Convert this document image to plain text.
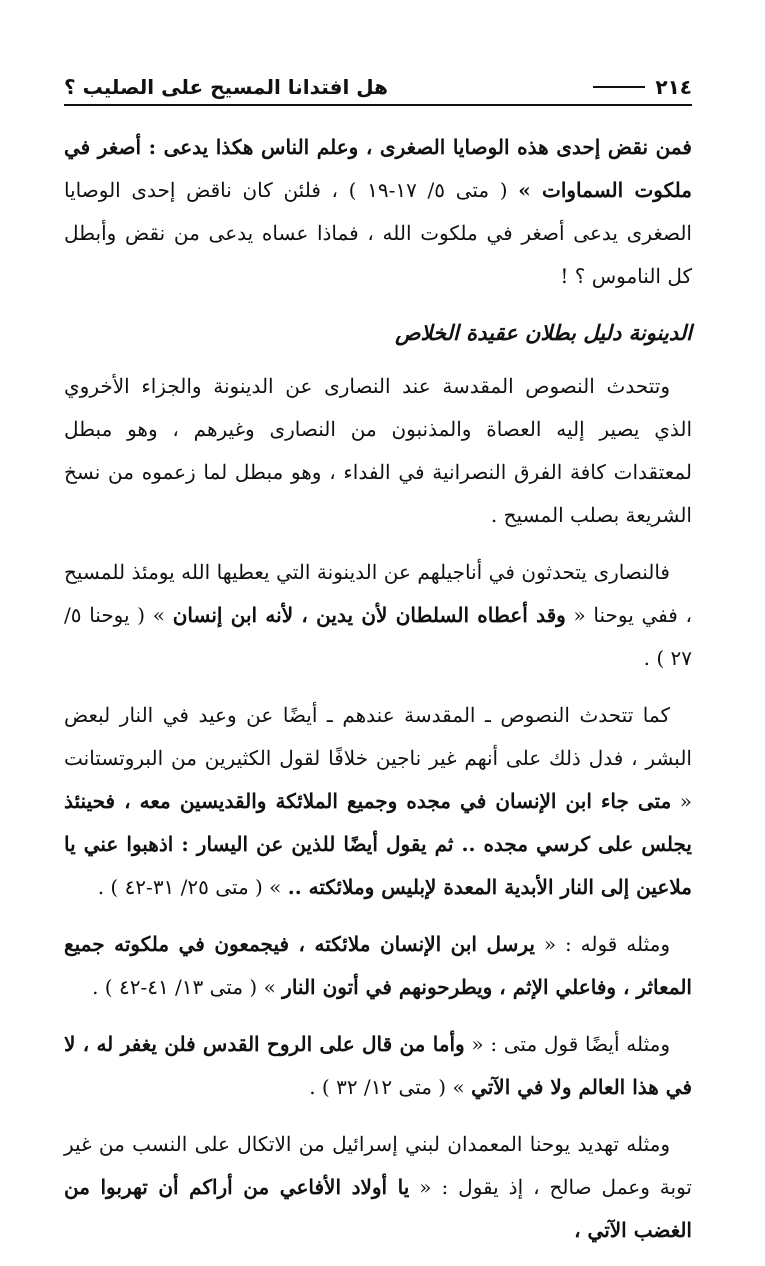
٢١٤
هل افتدانا المسيح على الصليب ؟

فمن نقض إحدى هذه الوصايا الصغرى ، وعلم الناس هكذا يدعى : أصغر في ملكوت السماوات » ( متى ٥/ ١٧-١٩ ) ، فلئن كان ناقض إحدى الوصايا الصغرى يدعى أصغر في ملكوت الله ، فماذا عساه يدعى من نقض وأبطل كل الناموس ؟ !

الدينونة دليل بطلان عقيدة الخلاص

وتتحدث النصوص المقدسة عند النصارى عن الدينونة والجزاء الأخروي الذي يصير إليه العصاة والمذنبون من النصارى وغيرهم ، وهو مبطل لمعتقدات كافة الفرق النصرانية في الفداء ، وهو مبطل لما زعموه من نسخ الشريعة بصلب المسيح .

فالنصارى يتحدثون في أناجيلهم عن الدينونة التي يعطيها الله يومئذ للمسيح ، ففي يوحنا « وقد أعطاه السلطان لأن يدين ، لأنه ابن إنسان » ( يوحنا ٥/ ٢٧ ) .

كما تتحدث النصوص ـ المقدسة عندهم ـ أيضًا عن وعيد في النار لبعض البشر ، فدل ذلك على أنهم غير ناجين خلافًا لقول الكثيرين من البروتستانت « متى جاء ابن الإنسان في مجده وجميع الملائكة والقديسين معه ، فحينئذ يجلس على كرسي مجده .. ثم يقول أيضًا للذين عن اليسار : اذهبوا عني يا ملاعين إلى النار الأبدية المعدة لإبليس وملائكته .. » ( متى ٢٥/ ٣١-٤٢ ) .

ومثله قوله : « يرسل ابن الإنسان ملائكته ، فيجمعون في ملكوته جميع المعاثر ، وفاعلي الإثم ، ويطرحونهم في أتون النار » ( متى ١٣/ ٤١-٤٢ ) .

ومثله أيضًا قول متى : « وأما من قال على الروح القدس فلن يغفر له ، لا في هذا العالم ولا في الآتي » ( متى ١٢/ ٣٢ ) .

ومثله تهديد يوحنا المعمدان لبني إسرائيل من الاتكال على النسب من غير توبة وعمل صالح ، إذ يقول : « يا أولاد الأفاعي من أراكم أن تهربوا من الغضب الآتي ،
